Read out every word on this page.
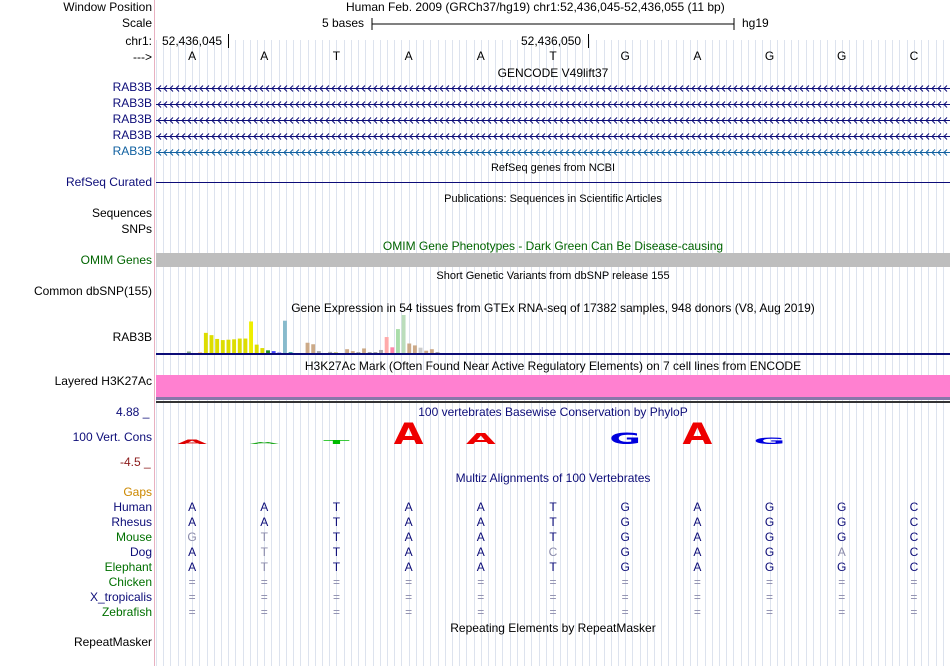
Window Position	Human Feb. 2009 (GRCh37/hg19) chr1:52,436,045-52,436,055 (11 bp)
Scale	5 bases	hg19
chr1: 52,436,045	52,436,050
--->	A	A	T	A	A	T	G	A	G	G	C
GENCODE V49lift37
RAB3B
RAB3B
RAB3B
RAB3B
RAB3B
RefSeq genes from NCBI
RefSeq Curated
Publications: Sequences in Scientific Articles
Sequences
SNPs
OMIM Gene Phenotypes - Dark Green Can Be Disease-causing
OMIM Genes
Short Genetic Variants from dbSNP release 155
Common dbSNP(155)
Gene Expression in 54 tissues from GTEx RNA-seq of 17382 samples, 948 donors (V8, Aug 2019)
RAB3B
H3K27Ac Mark (Often Found Near Active Regulatory Elements) on 7 cell lines from ENCODE
Layered H3K27Ac
4.88 _	100 vertebrates Basewise Conservation by PhyloP
100 Vert. Cons
-4.5 _
A A T A A	G A G
Multiz Alignments of 100 Vertebrates
Gaps
Human	A	A	T	A	A	T	G	A	G	G	C
Rhesus	A	A	T	A	A	T	G	A	G	G	C
Mouse	G	T	T	A	A	T	G	A	G	G	C
Dog	A	T	T	A	A	C	G	A	G	A	C
Elephant	A	T	T	A	A	T	G	A	G	G	C
Chicken	=	=	=	=	=	=	=	=	=	=	=
X_tropicalis	=	=	=	=	=	=	=	=	=	=	=
Zebrafish	=	=	=	=	=	=	=	=	=	=	=
Repeating Elements by RepeatMasker
RepeatMasker
